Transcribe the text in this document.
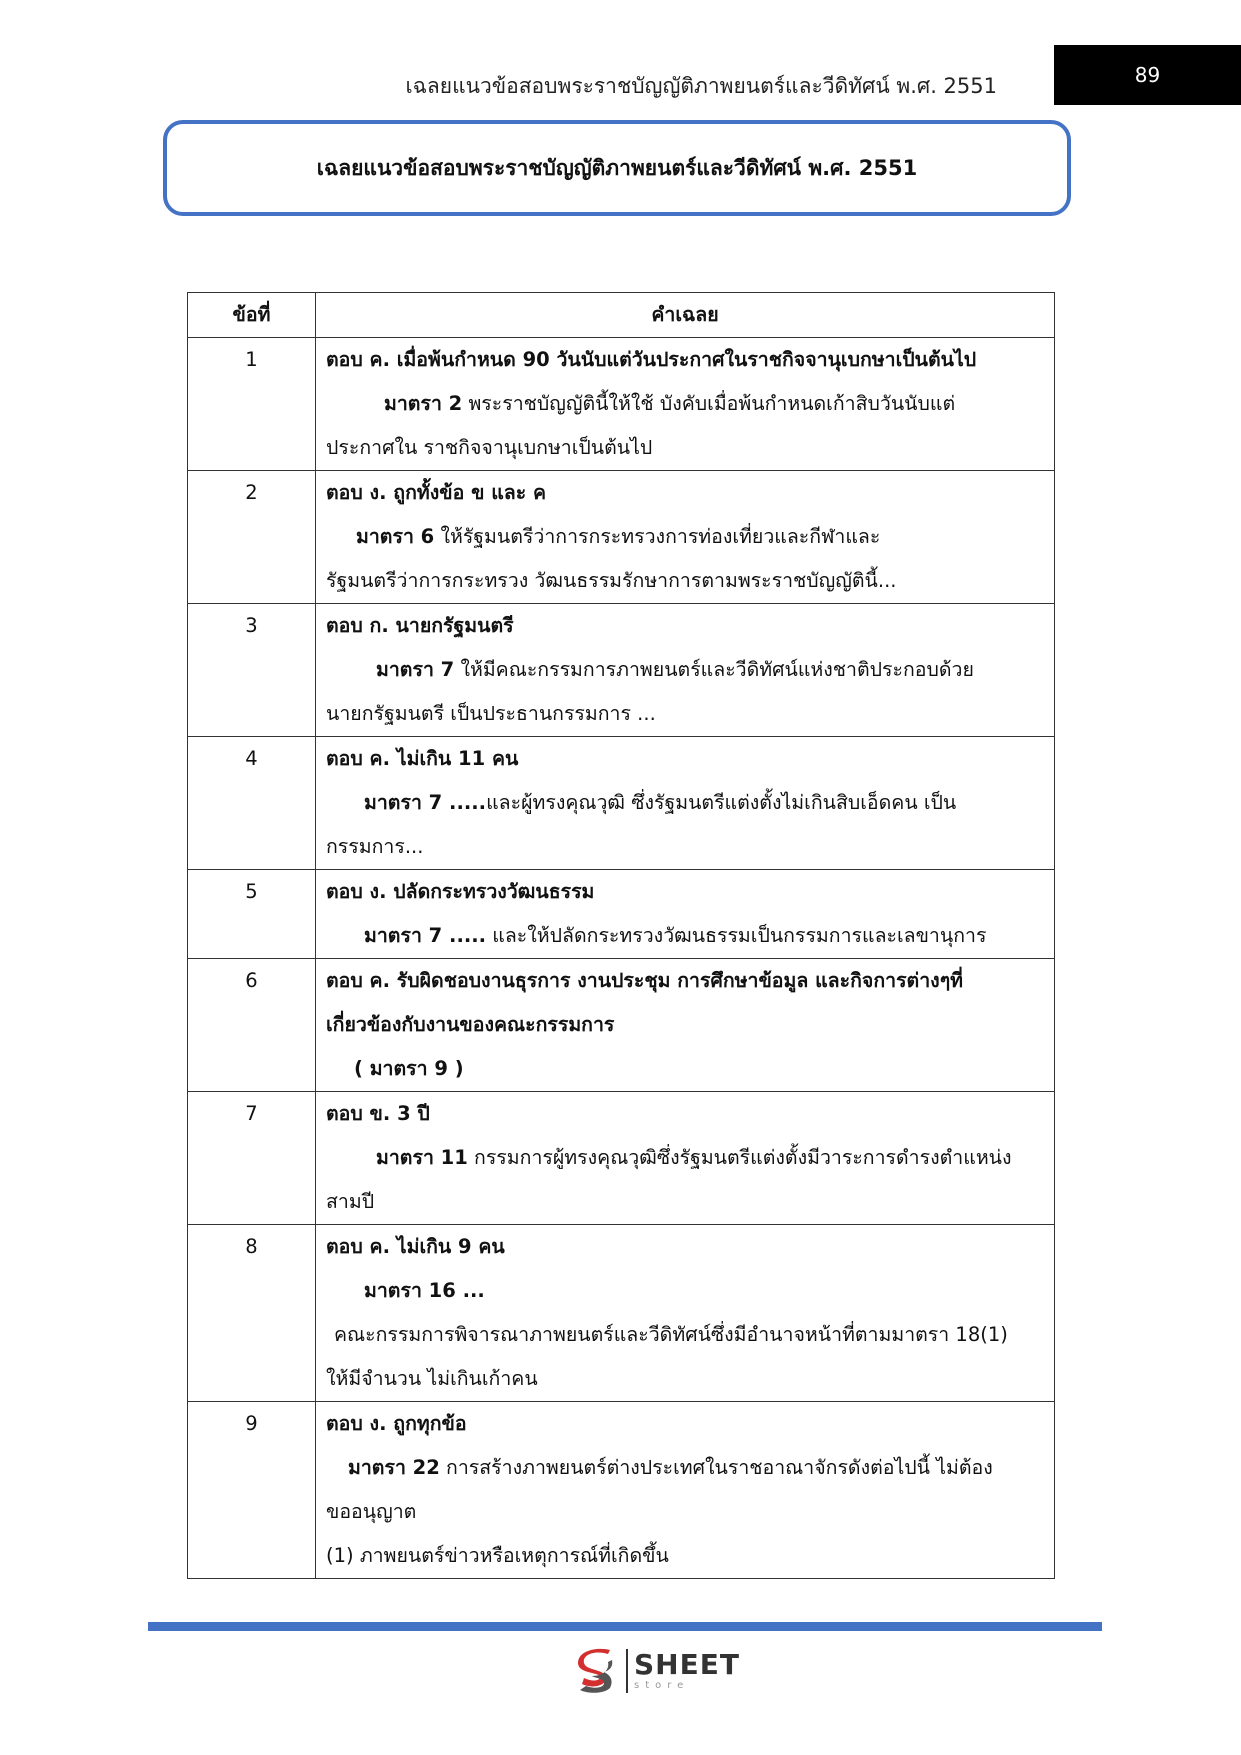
เฉลยแนวข้อสอบพระราชบัญญัติภาพยนตร์และวีดิทัศน์ พ.ศ. 2551	89
เฉลยแนวข้อสอบพระราชบัญญัติภาพยนตร์และวีดิทัศน์ พ.ศ. 2551
ข้อที่	คำเฉลย
1	ตอบ ค. เมื่อพ้นกำหนด 90 วันนับแต่วันประกาศในราชกิจจานุเบกษาเป็นต้นไป
มาตรา 2 พระราชบัญญัตินี้ให้ใช้ บังคับเมื่อพ้นกำหนดเก้าสิบวันนับแต่
ประกาศใน ราชกิจจานุเบกษาเป็นต้นไป

2	ตอบ ง. ถูกทั้งข้อ ข และ ค
มาตรา 6 ให้รัฐมนตรีว่าการกระทรวงการท่องเที่ยวและกีฬาและ
รัฐมนตรีว่าการกระทรวง วัฒนธรรมรักษาการตามพระราชบัญญัตินี้...

3	ตอบ ก. นายกรัฐมนตรี
มาตรา 7 ให้มีคณะกรรมการภาพยนตร์และวีดิทัศน์แห่งชาติประกอบด้วย
นายกรัฐมนตรี เป็นประธานกรรมการ ...

4	ตอบ ค. ไม่เกิน 11 คน
มาตรา 7 .....และผู้ทรงคุณวุฒิ ซึ่งรัฐมนตรีแต่งตั้งไม่เกินสิบเอ็ดคน เป็น
กรรมการ...

5	ตอบ ง. ปลัดกระทรวงวัฒนธรรม
มาตรา 7 ..... และให้ปลัดกระทรวงวัฒนธรรมเป็นกรรมการและเลขานุการ

6	ตอบ ค. รับผิดชอบงานธุรการ งานประชุม การศึกษาข้อมูล และกิจการต่างๆที่
เกี่ยวข้องกับงานของคณะกรรมการ
( มาตรา 9 )

7	ตอบ ข. 3 ปี
มาตรา 11 กรรมการผู้ทรงคุณวุฒิซึ่งรัฐมนตรีแต่งตั้งมีวาระการดำรงตำแหน่ง
สามปี

8	ตอบ ค. ไม่เกิน 9 คน
มาตรา 16 ...
คณะกรรมการพิจารณาภาพยนตร์และวีดิทัศน์ซึ่งมีอำนาจหน้าที่ตามมาตรา 18(1)
ให้มีจำนวน ไม่เกินเก้าคน

9	ตอบ ง. ถูกทุกข้อ
มาตรา 22 การสร้างภาพยนตร์ต่างประเทศในราชอาณาจักรดังต่อไปนี้ ไม่ต้อง
ขออนุญาต
(1) ภาพยนตร์ข่าวหรือเหตุการณ์ที่เกิดขึ้น
SHEET
store
